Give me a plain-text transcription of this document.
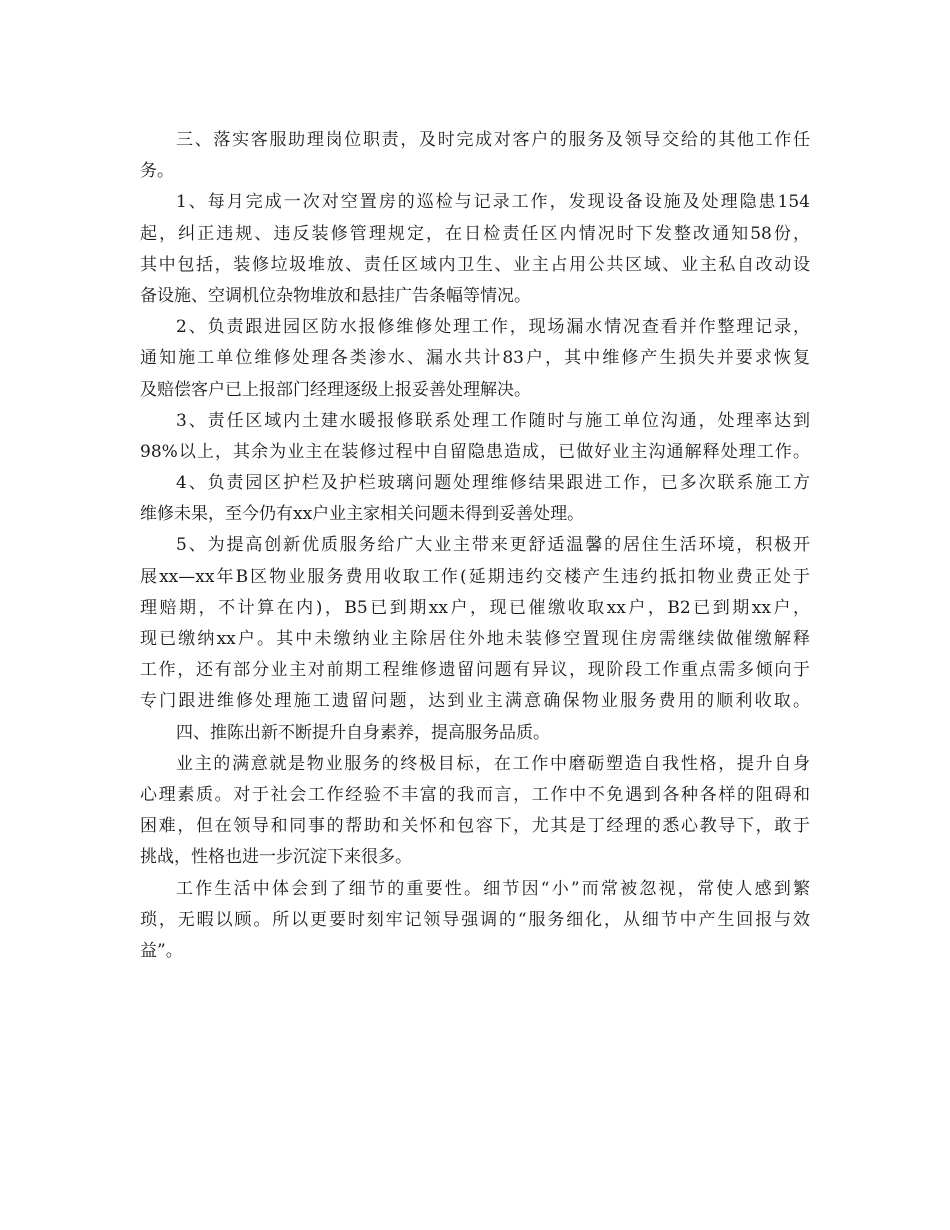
三、落实客服助理岗位职责，及时完成对客户的服务及领导交给的其他工作任
务。
1、每月完成一次对空置房的巡检与记录工作，发现设备设施及处理隐患154
起，纠正违规、违反装修管理规定，在日检责任区内情况时下发整改通知58份，
其中包括，装修垃圾堆放、责任区域内卫生、业主占用公共区域、业主私自改动设
备设施、空调机位杂物堆放和悬挂广告条幅等情况。
2、负责跟进园区防水报修维修处理工作，现场漏水情况查看并作整理记录，
通知施工单位维修处理各类渗水、漏水共计83户，其中维修产生损失并要求恢复
及赔偿客户已上报部门经理逐级上报妥善处理解决。
3、责任区域内土建水暖报修联系处理工作随时与施工单位沟通，处理率达到
98%以上，其余为业主在装修过程中自留隐患造成，已做好业主沟通解释处理工作。
4、负责园区护栏及护栏玻璃问题处理维修结果跟进工作，已多次联系施工方
维修未果，至今仍有xx户业主家相关问题未得到妥善处理。
5、为提高创新优质服务给广大业主带来更舒适温馨的居住生活环境，积极开
展xx—xx年B区物业服务费用收取工作(延期违约交楼产生违约抵扣物业费正处于
理赔期，不计算在内)，B5已到期xx户，现已催缴收取xx户，B2已到期xx户，
现已缴纳xx户。其中未缴纳业主除居住外地未装修空置现住房需继续做催缴解释
工作，还有部分业主对前期工程维修遗留问题有异议，现阶段工作重点需多倾向于
专门跟进维修处理施工遗留问题，达到业主满意确保物业服务费用的顺利收取。
四、推陈出新不断提升自身素养，提高服务品质。
业主的满意就是物业服务的终极目标，在工作中磨砺塑造自我性格，提升自身
心理素质。对于社会工作经验不丰富的我而言，工作中不免遇到各种各样的阻碍和
困难，但在领导和同事的帮助和关怀和包容下，尤其是丁经理的悉心教导下，敢于
挑战，性格也进一步沉淀下来很多。
工作生活中体会到了细节的重要性。细节因“小”而常被忽视，常使人感到繁
琐，无暇以顾。所以更要时刻牢记领导强调的“服务细化，从细节中产生回报与效
益”。
